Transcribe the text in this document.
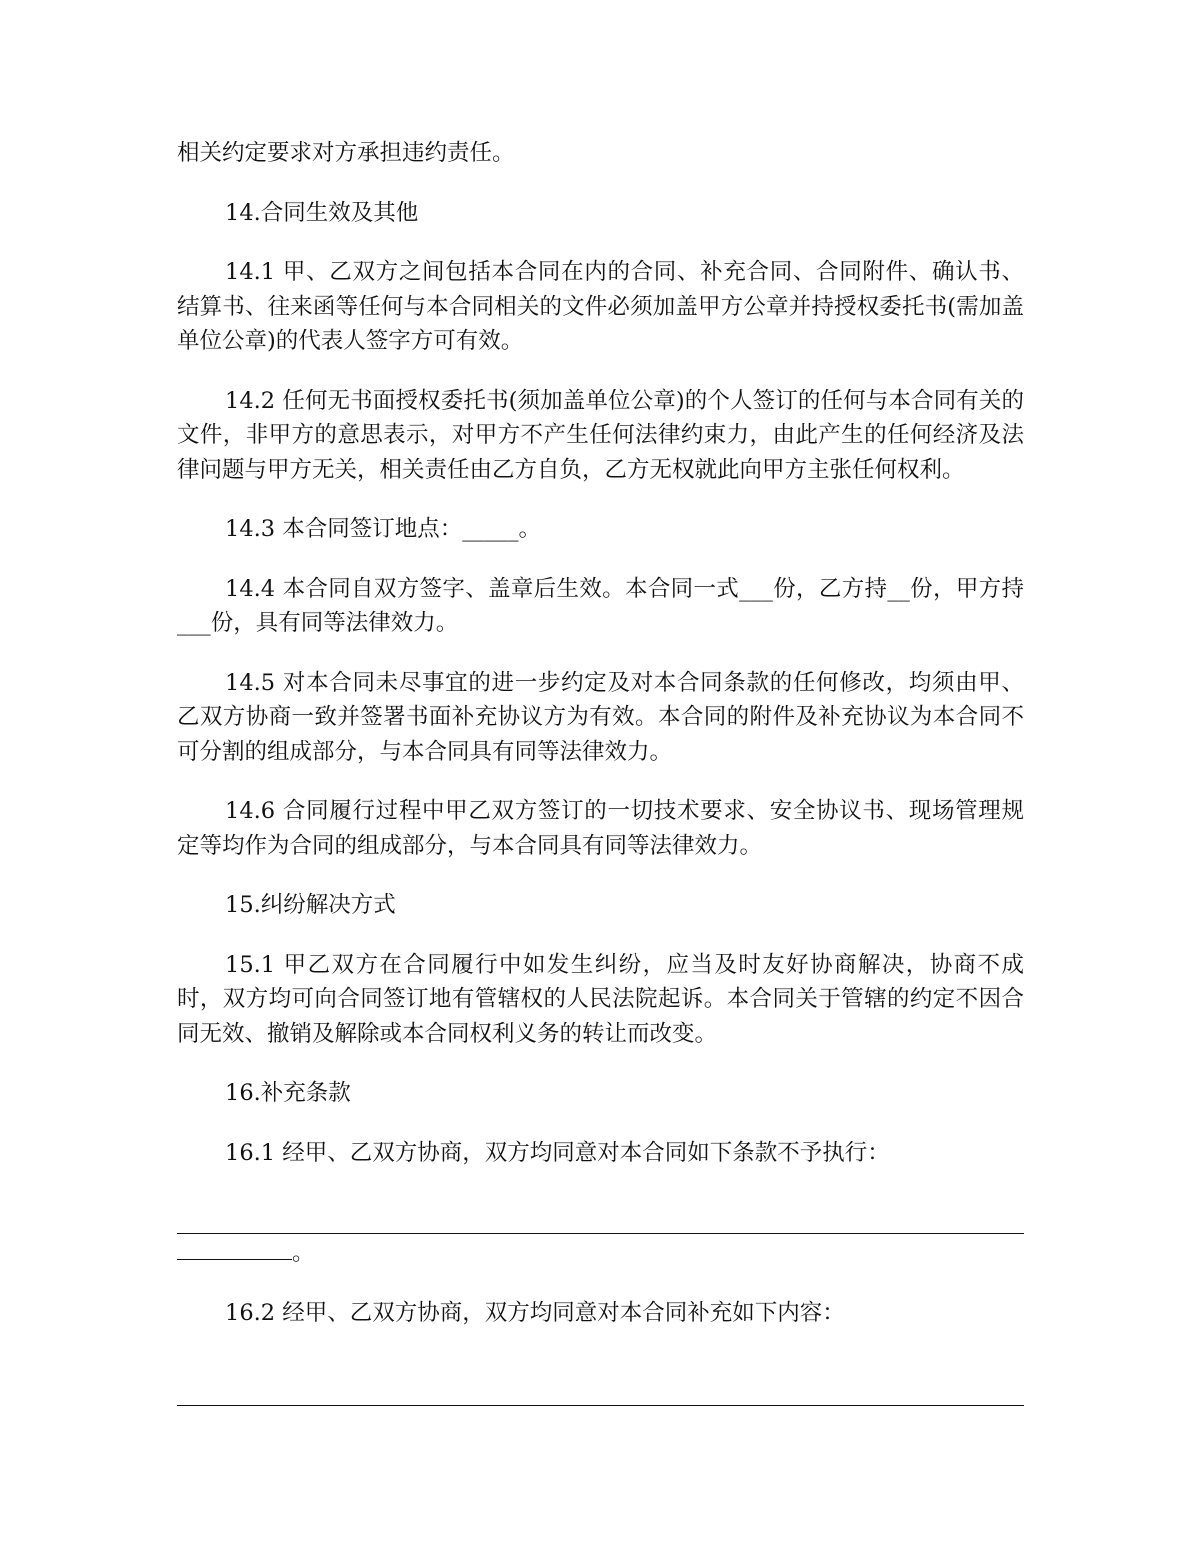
相关约定要求对方承担违约责任。

14.合同生效及其他

14.1 甲、乙双方之间包括本合同在内的合同、补充合同、合同附件、确认书、结算书、往来函等任何与本合同相关的文件必须加盖甲方公章并持授权委托书(需加盖单位公章)的代表人签字方可有效。

14.2 任何无书面授权委托书(须加盖单位公章)的个人签订的任何与本合同有关的文件，非甲方的意思表示，对甲方不产生任何法律约束力，由此产生的任何经济及法律问题与甲方无关，相关责任由乙方自负，乙方无权就此向甲方主张任何权利。

14.3 本合同签订地点：_____。

14.4 本合同自双方签字、盖章后生效。本合同一式___份，乙方持__份，甲方持___份，具有同等法律效力。

14.5 对本合同未尽事宜的进一步约定及对本合同条款的任何修改，均须由甲、乙双方协商一致并签署书面补充协议方为有效。本合同的附件及补充协议为本合同不可分割的组成部分，与本合同具有同等法律效力。

14.6 合同履行过程中甲乙双方签订的一切技术要求、安全协议书、现场管理规定等均作为合同的组成部分，与本合同具有同等法律效力。

15.纠纷解决方式

15.1 甲乙双方在合同履行中如发生纠纷，应当及时友好协商解决，协商不成时，双方均可向合同签订地有管辖权的人民法院起诉。本合同关于管辖的约定不因合同无效、撤销及解除或本合同权利义务的转让而改变。

16.补充条款

16.1 经甲、乙双方协商，双方均同意对本合同如下条款不予执行：

。

16.2 经甲、乙双方协商，双方均同意对本合同补充如下内容：
